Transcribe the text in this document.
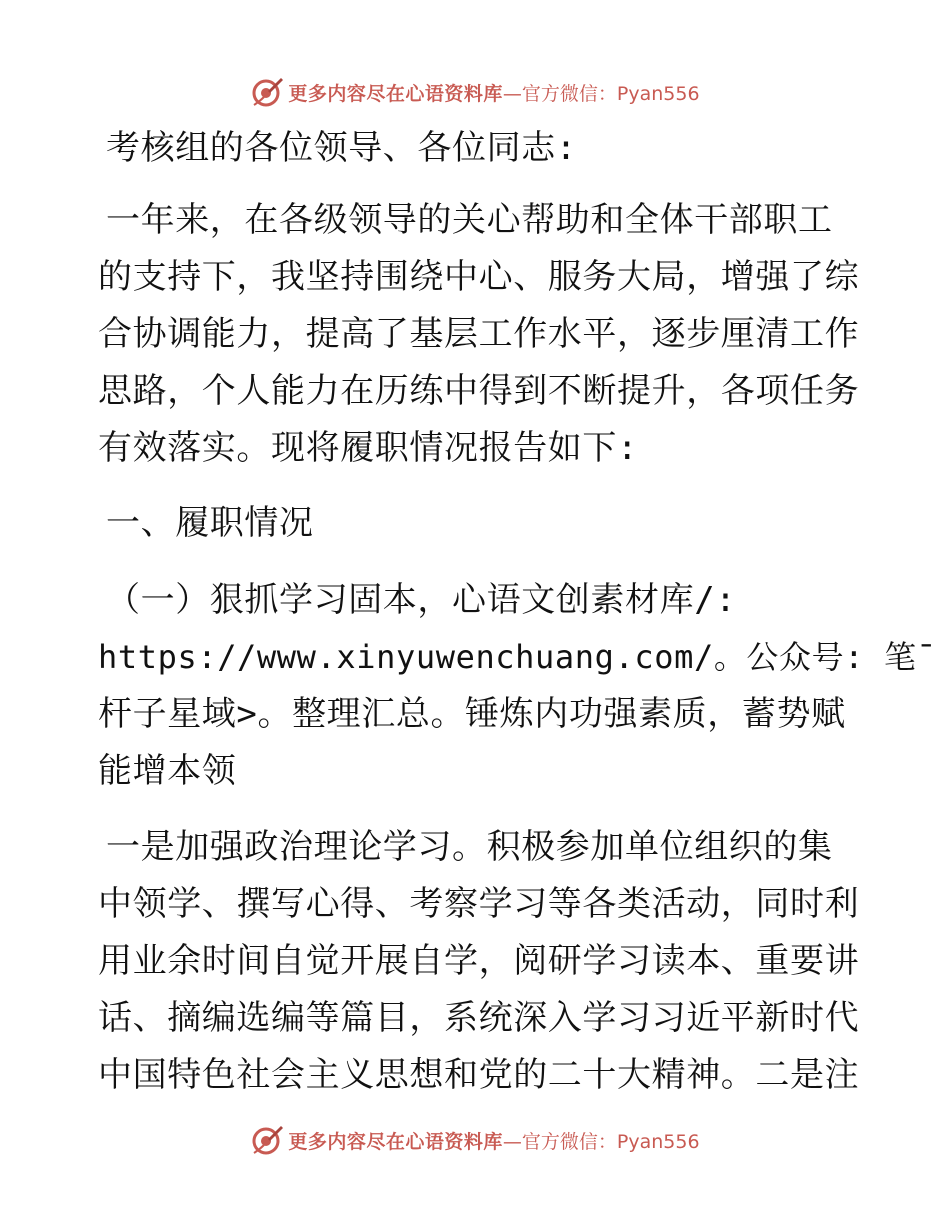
更多内容尽在心语资料库 —官方微信：Pyan556
考核组的各位领导、各位同志:
一年来，在各级领导的关心帮助和全体干部职工
的支持下，我坚持围绕中心、服务大局，增强了综
合协调能力，提高了基层工作水平，逐步厘清工作
思路，个人能力在历练中得到不断提升，各项任务
有效落实。现将履职情况报告如下:
一、履职情况
（一）狠抓学习固本，心语文创素材库/:
https://www.xinyuwenchuang.com/。公众号: 笔¯
杆子星域>。整理汇总。锤炼内功强素质，蓄势赋
能增本领
一是加强政治理论学习。积极参加单位组织的集
中领学、撰写心得、考察学习等各类活动，同时利
用业余时间自觉开展自学，阅研学习读本、重要讲
话、摘编选编等篇目，系统深入学习习近平新时代
中国特色社会主义思想和党的二十大精神。二是注
更多内容尽在心语资料库 —官方微信：Pyan556
